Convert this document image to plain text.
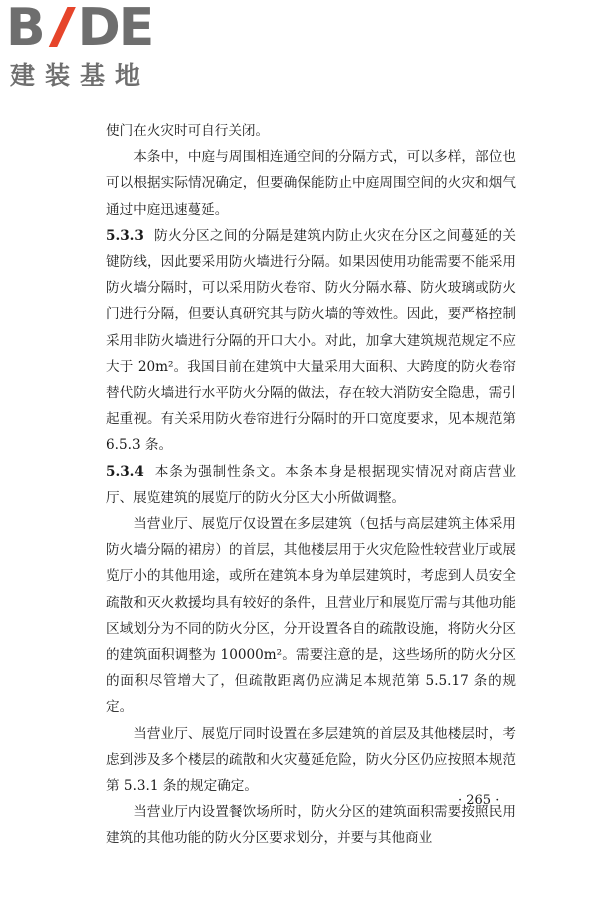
B DE
建装基地

使门在火灾时可自行关闭。

本条中，中庭与周围相连通空间的分隔方式，可以多样，部位也可以根据实际情况确定，但要确保能防止中庭周围空间的火灾和烟气通过中庭迅速蔓延。

5.3.3 防火分区之间的分隔是建筑内防止火灾在分区之间蔓延的关键防线，因此要采用防火墙进行分隔。如果因使用功能需要不能采用防火墙分隔时，可以采用防火卷帘、防火分隔水幕、防火玻璃或防火门进行分隔，但要认真研究其与防火墙的等效性。因此，要严格控制采用非防火墙进行分隔的开口大小。对此，加拿大建筑规范规定不应大于 20m²。我国目前在建筑中大量采用大面积、大跨度的防火卷帘替代防火墙进行水平防火分隔的做法，存在较大消防安全隐患，需引起重视。有关采用防火卷帘进行分隔时的开口宽度要求，见本规范第 6.5.3 条。

5.3.4 本条为强制性条文。本条本身是根据现实情况对商店营业厅、展览建筑的展览厅的防火分区大小所做调整。

当营业厅、展览厅仅设置在多层建筑（包括与高层建筑主体采用防火墙分隔的裙房）的首层，其他楼层用于火灾危险性较营业厅或展览厅小的其他用途，或所在建筑本身为单层建筑时，考虑到人员安全疏散和灭火救援均具有较好的条件，且营业厅和展览厅需与其他功能区域划分为不同的防火分区，分开设置各自的疏散设施，将防火分区的建筑面积调整为 10000m²。需要注意的是，这些场所的防火分区的面积尽管增大了，但疏散距离仍应满足本规范第 5.5.17 条的规定。

当营业厅、展览厅同时设置在多层建筑的首层及其他楼层时，考虑到涉及多个楼层的疏散和火灾蔓延危险，防火分区仍应按照本规范第 5.3.1 条的规定确定。

当营业厅内设置餐饮场所时，防火分区的建筑面积需要按照民用建筑的其他功能的防火分区要求划分，并要与其他商业

· 265 ·
